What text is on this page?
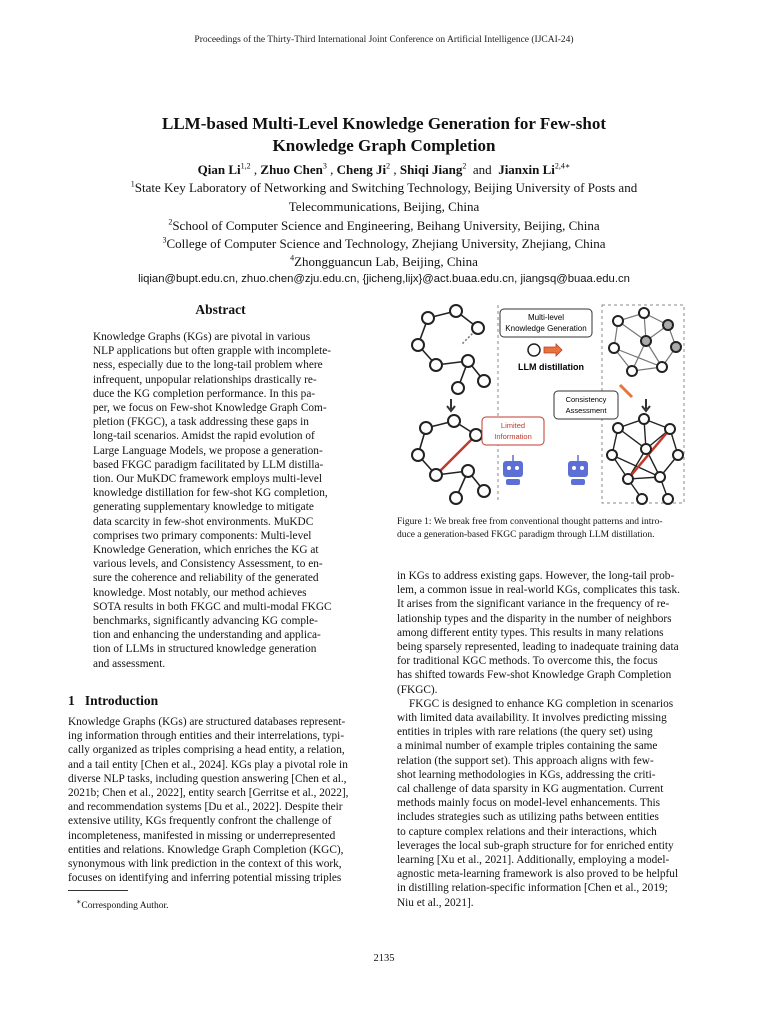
Proceedings of the Thirty-Third International Joint Conference on Artificial Intelligence (IJCAI-24)
LLM-based Multi-Level Knowledge Generation for Few-shot
Knowledge Graph Completion
Qian Li$^{1,2}$ , Zhuo Chen$^3$ , Cheng Ji$^2$ , Shiqi Jiang$^2$ and Jianxin $Li^{2,4∗}$
$^1$State Key Laboratory of Networking and Switching Technology, Beijing University of Posts and
Telecommunications, Beijing, China
$^2$School of Computer Science and Engineering, Beihang University, Beijing, China
$^3$College of Computer Science and Technology, Zhejiang University, Zhejiang, China
$^4$Zhongguancun Lab, Beijing, China
liqian@bupt.edu.cn, zhuo.chen@zju.edu.cn, {jicheng,lijx}@act.buaa.edu.cn, jiangsq@buaa.edu.cn
Abstract
Knowledge Graphs (KGs) are pivotal in various
NLP applications but often grapple with incomplete-
ness, especially due to the long-tail problem where
infrequent, unpopular relationships drastically re-
duce the KG completion performance. In this pa-
per, we focus on Few-shot Knowledge Graph Com-
pletion (FKGC), a task addressing these gaps in
long-tail scenarios. Amidst the rapid evolution of
Large Language Models, we propose a generation-
based FKGC paradigm facilitated by LLM distilla-
tion. Our MuKDC framework employs multi-level
knowledge distillation for few-shot KG completion,
generating supplementary knowledge to mitigate
data scarcity in few-shot environments. MuKDC
comprises two primary components: Multi-level
Knowledge Generation, which enriches the KG at
various levels, and Consistency Assessment, to en-
sure the coherence and reliability of the generated
knowledge. Most notably, our method achieves
SOTA results in both FKGC and multi-modal FKGC
benchmarks, significantly advancing KG comple-
tion and enhancing the understanding and applica-
tion of LLMs in structured knowledge generation
and assessment.
1 Introduction
Knowledge Graphs (KGs) are structured databases represent-
ing information through entities and their interrelations, typi-
cally organized as triples comprising a head entity, a relation,
and a tail entity [Chen et al., 2024]. KGs play a pivotal role in
diverse NLP tasks, including question answering [Chen et al.,
2021b; Chen et al., 2022], entity search [Gerritse et al., 2022],
and recommendation systems [Du et al., 2022]. Despite their
extensive utility, KGs frequently confront the challenge of
incompleteness, manifested in missing or underrepresented
entities and relations. Knowledge Graph Completion (KGC),
synonymous with link prediction in the context of this work,
focuses on identifying and inferring potential missing triples
∗Corresponding Author.
Multi-level
Knowledge Generation
LLM distillation
Consistency
Assessment
Limited
Information
Figure 1: We break free from conventional thought patterns and intro-
duce a generation-based FKGC paradigm through LLM distillation.
in KGs to address existing gaps. However, the long-tail prob-
lem, a common issue in real-world KGs, complicates this task.
It arises from the significant variance in the frequency of re-
lationship types and the disparity in the number of neighbors
among different entity types. This results in many relations
being sparsely represented, leading to inadequate training data
for traditional KGC methods. To overcome this, the focus
has shifted towards Few-shot Knowledge Graph Completion
(FKGC).
FKGC is designed to enhance KG completion in scenarios
with limited data availability. It involves predicting missing
entities in triples with rare relations (the query set) using
a minimal number of example triples containing the same
relation (the support set). This approach aligns with few-
shot learning methodologies in KGs, addressing the criti-
cal challenge of data sparsity in KG augmentation. Current
methods mainly focus on model-level enhancements. This
includes strategies such as utilizing paths between entities
to capture complex relations and their interactions, which
leverages the local sub-graph structure for for enriched entity
learning [Xu et al., 2021]. Additionally, employing a model-
agnostic meta-learning framework is also proved to be helpful
in distilling relation-specific information [Chen et al., 2019;
Niu et al., 2021].
2135
